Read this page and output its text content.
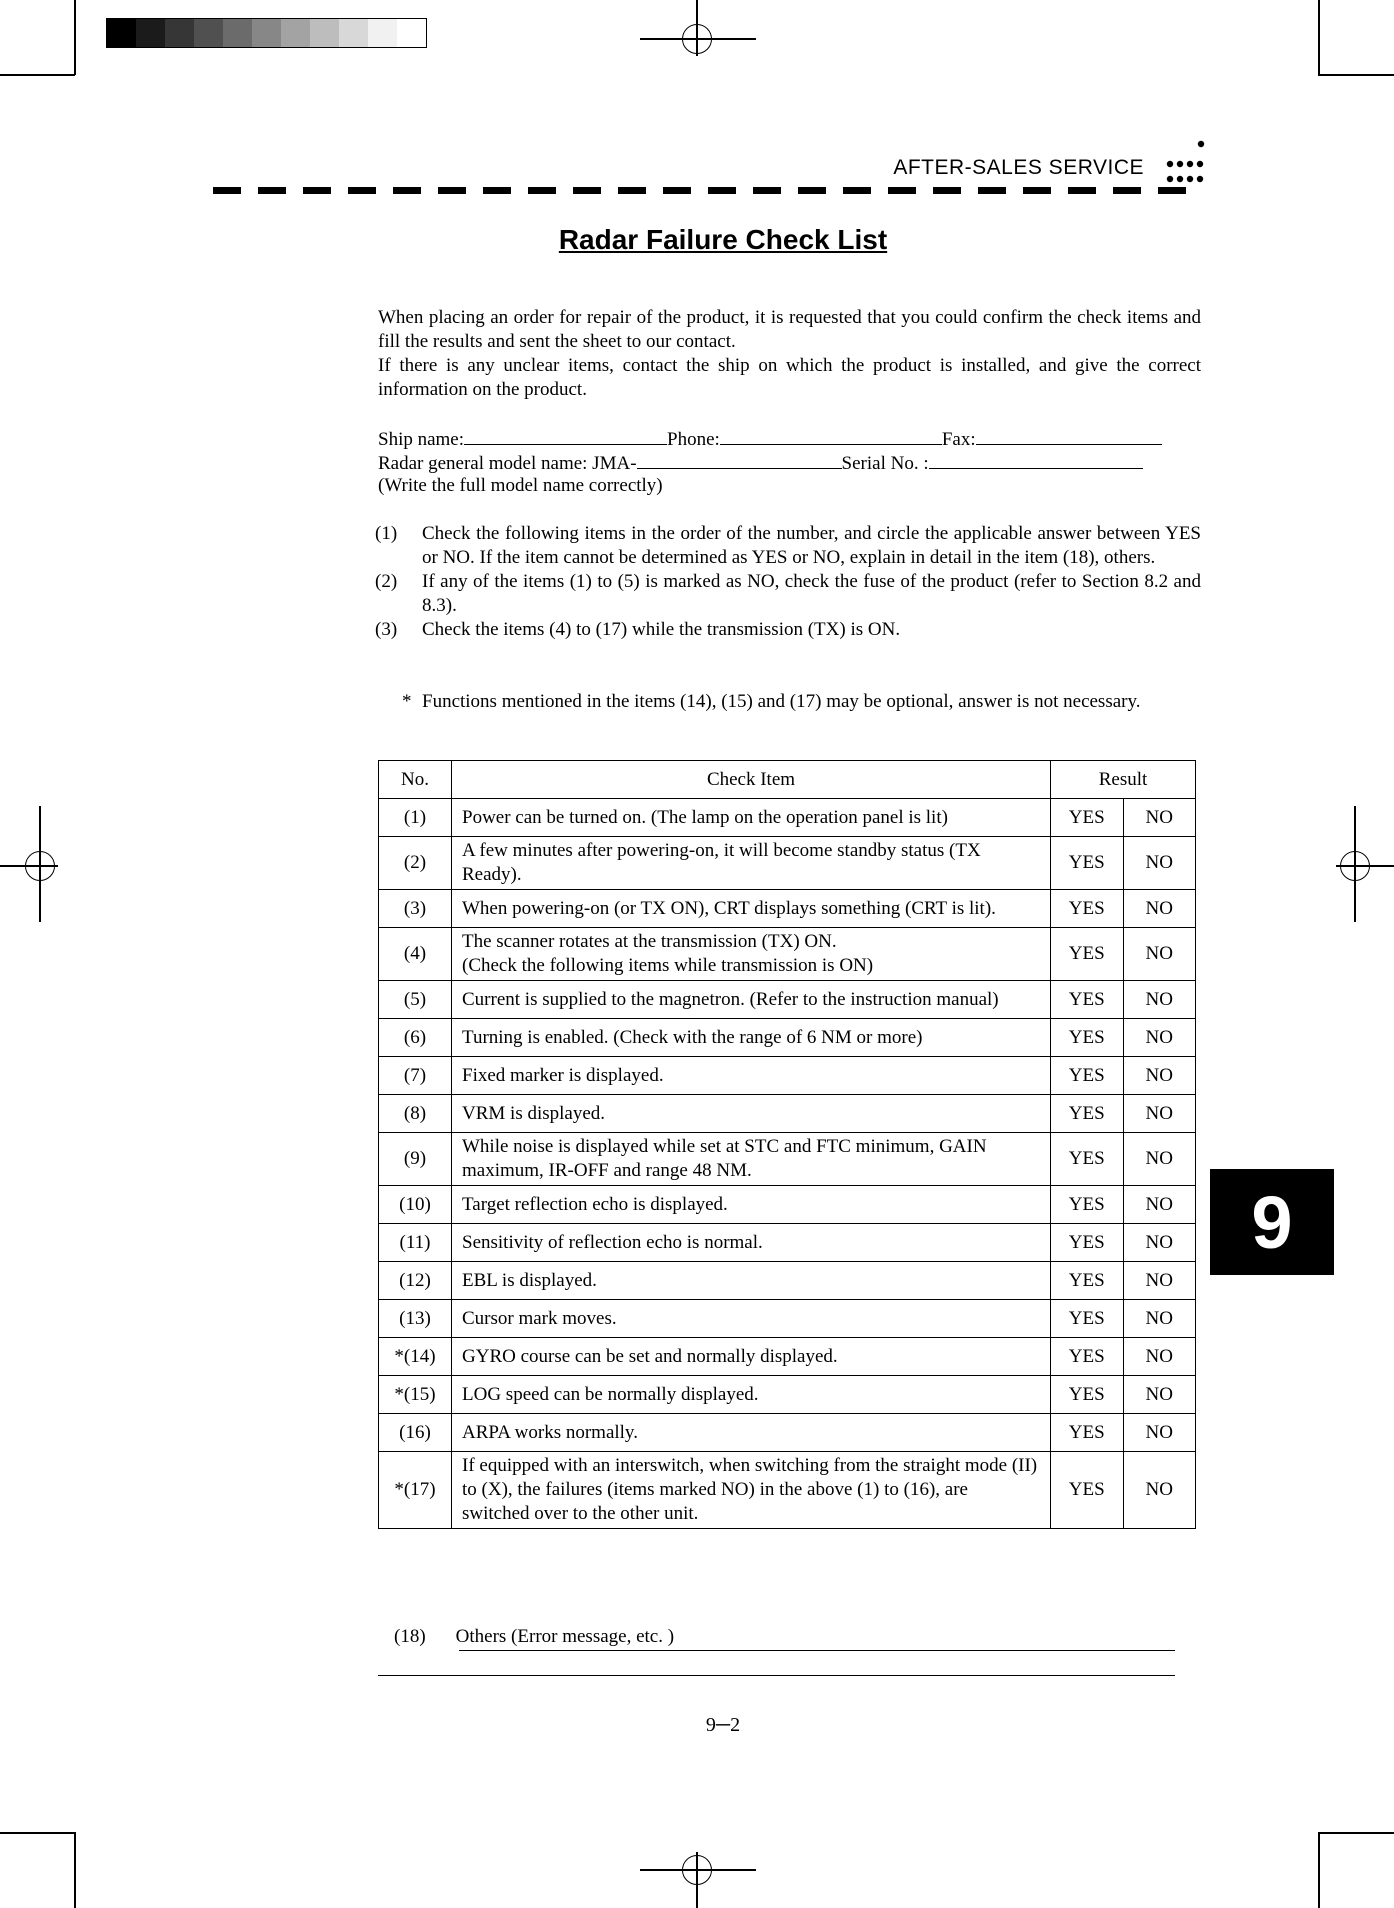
AFTER-SALES SERVICE
Radar Failure Check List
When placing an order for repair of the product, it is requested that you could confirm the check items and fill the results and sent the sheet to our contact.
If there is any unclear items, contact the ship on which the product is installed, and give the correct information on the product.
Ship name:	Phone:	Fax:
Radar general model name: JMA-	Serial No. :
(Write the full model name correctly)
(1)	Check the following items in the order of the number, and circle the applicable answer between YES or NO. If the item cannot be determined as YES or NO, explain in detail in the item (18), others.
(2)	If any of the items (1) to (5) is marked as NO, check the fuse of the product (refer to Section 8.2 and 8.3).
(3)	Check the items (4) to (17) while the transmission (TX) is ON.
* Functions mentioned in the items (14), (15) and (17) may be optional, answer is not necessary.
No.	Check Item	Result	
(1)	Power can be turned on. (The lamp on the operation panel is lit)	YES	NO
(2)	A few minutes after powering-on, it will become standby status (TX Ready).	YES	NO
(3)	When powering-on (or TX ON), CRT displays something (CRT is lit).	YES	NO
(4)	The scanner rotates at the transmission (TX) ON.
(Check the following items while transmission is ON)	YES	NO
(5)	Current is supplied to the magnetron. (Refer to the instruction manual)	YES	NO
(6)	Turning is enabled. (Check with the range of 6 NM or more)	YES	NO
(7)	Fixed marker is displayed.	YES	NO
(8)	VRM is displayed.	YES	NO
(9)	While noise is displayed while set at STC and FTC minimum, GAIN maximum, IR-OFF and range 48 NM.	YES	NO
(10)	Target reflection echo is displayed.	YES	NO
(11)	Sensitivity of reflection echo is normal.	YES	NO
(12)	EBL is displayed.	YES	NO
(13)	Cursor mark moves.	YES	NO
*(14)	GYRO course can be set and normally displayed.	YES	NO
*(15)	LOG speed can be normally displayed.	YES	NO
(16)	ARPA works normally.	YES	NO
*(17)	If equipped with an interswitch, when switching from the straight mode (II) to (X), the failures (items marked NO) in the above (1) to (16), are switched over to the other unit.	YES	NO
(18) Others (Error message, etc. )
9─2
9
